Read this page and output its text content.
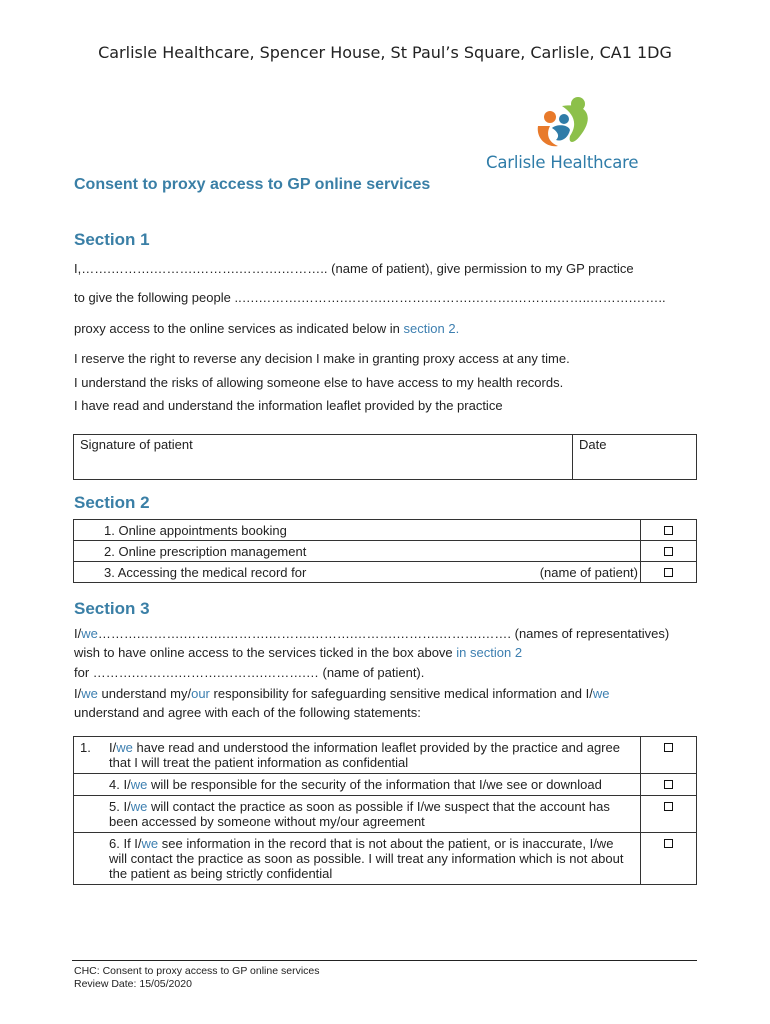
Carlisle Healthcare, Spencer House, St Paul’s Square, Carlisle, CA1 1DG
Carlisle Healthcare
Consent to proxy access to GP online services
Section 1
I,…….……….……….……….……….……….. (name of patient), give permission to my GP practice
to give the following people ..….……….……….……….……….……….……….……….……..……….……..
proxy access to the online services as indicated below in section 2.
I reserve the right to reverse any decision I make in granting proxy access at any time.
I understand the risks of allowing someone else to have access to my health records.
I have read and understand the information leaflet provided by the practice
Signature of patient	Date
Section 2
1. Online appointments booking	
2. Online prescription management	
3. Accessing the medical record for (name of patient)	

Section 3
I/we……….……….……….……….……….……….……….……….……….……. (names of representatives)
wish to have online access to the services ticked in the box above in section 2
for ……….……….……….……….……….… (name of patient).
I/we understand my/our responsibility for safeguarding sensitive medical information and I/we
understand and agree with each of the following statements:
1. I/we have read and understood the information leaflet provided by the practice and agree that I will treat the patient information as confidential	

4. I/we will be responsible for the security of the information that I/we see or download	
5. I/we will contact the practice as soon as possible if I/we suspect that the account has been accessed by someone without my/our agreement	
6. If I/we see information in the record that is not about the patient, or is inaccurate, I/we will contact the practice as soon as possible. I will treat any information which is not about the patient as being strictly confidential	
CHC: Consent to proxy access to GP online services
Review Date: 15/05/2020
